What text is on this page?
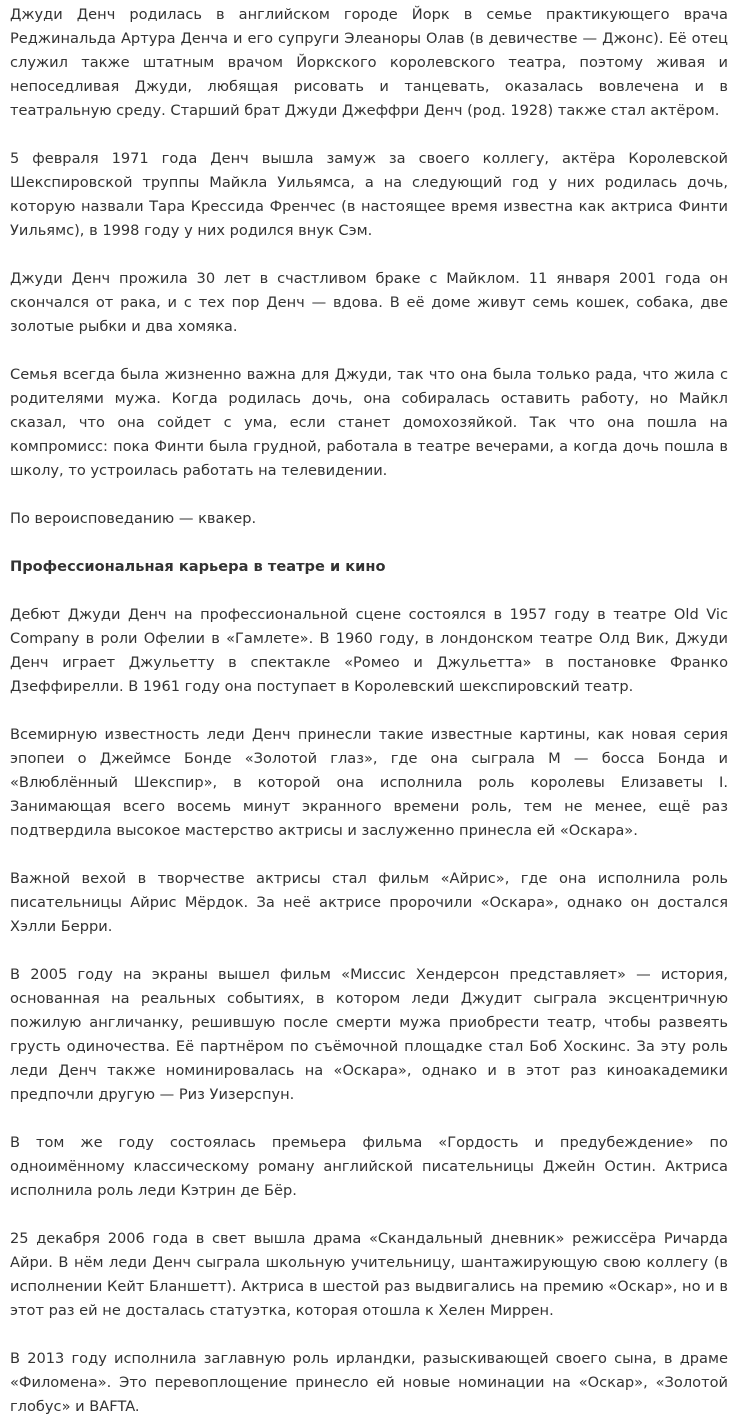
Джуди Денч родилась в английском городе Йорк в семье практикующего врача Реджинальда Артура Денча и его супруги Элеаноры Олав (в девичестве — Джонс). Её отец служил также штатным врачом Йоркского королевского театра, поэтому живая и непоседливая Джуди, любящая рисовать и танцевать, оказалась вовлечена и в театральную среду. Старший брат Джуди Джеффри Денч (род. 1928) также стал актёром.

5 февраля 1971 года Денч вышла замуж за своего коллегу, актёра Королевской Шекспировской труппы Майкла Уильямса, а на следующий год у них родилась дочь, которую назвали Тара Крессида Френчес (в настоящее время известна как актриса Финти Уильямс), в 1998 году у них родился внук Сэм.

Джуди Денч прожила 30 лет в счастливом браке с Майклом. 11 января 2001 года он скончался от рака, и с тех пор Денч — вдова. В её доме живут семь кошек, собака, две золотые рыбки и два хомяка.

Семья всегда была жизненно важна для Джуди, так что она была только рада, что жила с родителями мужа. Когда родилась дочь, она собиралась оставить работу, но Майкл сказал, что она сойдет с ума, если станет домохозяйкой. Так что она пошла на компромисс: пока Финти была грудной, работала в театре вечерами, а когда дочь пошла в школу, то устроилась работать на телевидении.

По вероисповеданию — квакер.

Профессиональная карьера в театре и кино

Дебют Джуди Денч на профессиональной сцене состоялся в 1957 году в театре Old Vic Company в роли Офелии в «Гамлете». В 1960 году, в лондонском театре Олд Вик, Джуди Денч играет Джульетту в спектакле «Ромео и Джульетта» в постановке Франко Дзеффирелли. В 1961 году она поступает в Королевский шекспировский театр.

Всемирную известность леди Денч принесли такие известные картины, как новая серия эпопеи о Джеймсе Бонде «Золотой глаз», где она сыграла М — босса Бонда и «Влюблённый Шекспир», в которой она исполнила роль королевы Елизаветы I. Занимающая всего восемь минут экранного времени роль, тем не менее, ещё раз подтвердила высокое мастерство актрисы и заслуженно принесла ей «Оскара».

Важной вехой в творчестве актрисы стал фильм «Айрис», где она исполнила роль писательницы Айрис Мёрдок. За неё актрисе пророчили «Оскара», однако он достался Хэлли Берри.

В 2005 году на экраны вышел фильм «Миссис Хендерсон представляет» — история, основанная на реальных событиях, в котором леди Джудит сыграла эксцентричную пожилую англичанку, решившую после смерти мужа приобрести театр, чтобы развеять грусть одиночества. Её партнёром по съёмочной площадке стал Боб Хоскинс. За эту роль леди Денч также номинировалась на «Оскара», однако и в этот раз киноакадемики предпочли другую — Риз Уизерспун.

В том же году состоялась премьера фильма «Гордость и предубеждение» по одноимённому классическому роману английской писательницы Джейн Остин. Актриса исполнила роль леди Кэтрин де Бёр.

25 декабря 2006 года в свет вышла драма «Скандальный дневник» режиссёра Ричарда Айри. В нём леди Денч сыграла школьную учительницу, шантажирующую свою коллегу (в исполнении Кейт Бланшетт). Актриса в шестой раз выдвигались на премию «Оскар», но и в этот раз ей не досталась статуэтка, которая отошла к Хелен Миррен.

В 2013 году исполнила заглавную роль ирландки, разыскивающей своего сына, в драме «Филомена». Это перевоплощение принесло ей новые номинации на «Оскар», «Золотой глобус» и BAFTA.
